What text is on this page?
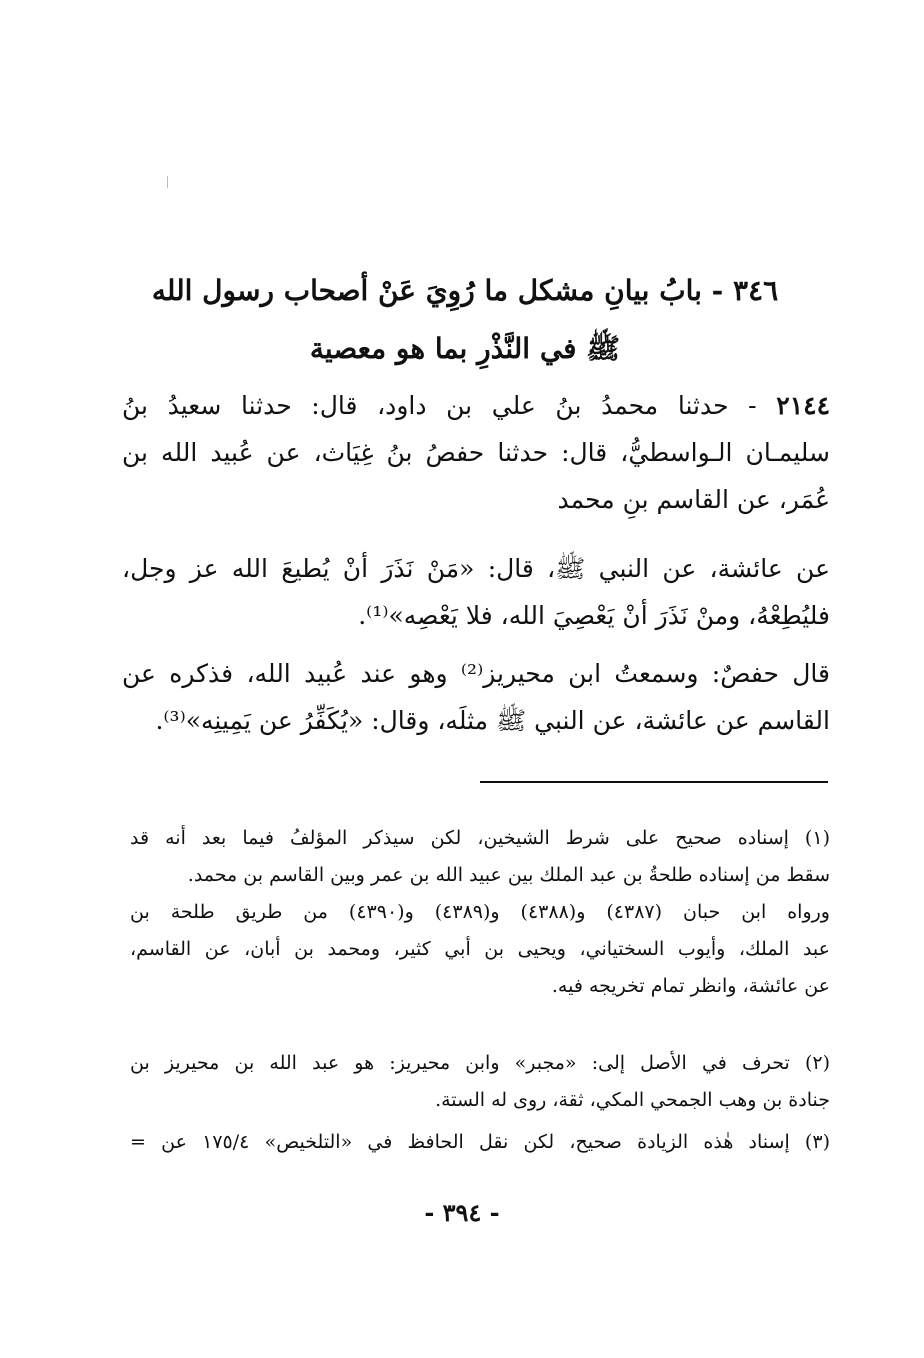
٣٤٦ - بابُ بيانِ مشكل ما رُوِيَ عَنْ أصحاب رسول الله
ﷺ في النَّذْرِ بما هو معصية
٢١٤٤ - حدثنا محمدُ بنُ علي بن داود، قال: حدثنا سعيدُ بنُ
سليمـان الـواسطيُّ، قال: حدثنا حفصُ بنُ غِيَاث، عن عُبيد الله بن
عُمَر، عن القاسم بنِ محمد
عن عائشة، عن النبي ﷺ، قال: «مَنْ نَذَرَ أنْ يُطيعَ الله عز وجل،
فليُطِعْهُ، ومنْ نَذَرَ أنْ يَعْصِيَ الله، فلا يَعْصِه»⁽¹⁾.
قال حفصٌ: وسمعتُ ابن محيريز⁽²⁾ وهو عند عُبيد الله، فذكره عن
القاسم عن عائشة، عن النبي ﷺ مثلَه، وقال: «يُكَفِّرُ عن يَمِينِه»⁽³⁾.
(١) إسناده صحيح على شرط الشيخين، لكن سيذكر المؤلفُ فيما بعد أنه قد
سقط من إسناده طلحةُ بن عبد الملك بين عبيد الله بن عمر وبين القاسم بن محمد.
ورواه ابن حبان (٤٣٨٧) و(٤٣٨٨) و(٤٣٨٩) و(٤٣٩٠) من طريق طلحة بن
عبد الملك، وأيوب السختياني، ويحيى بن أبي كثير، ومحمد بن أبان، عن القاسم،
عن عائشة، وانظر تمام تخريجه فيه.
(٢) تحرف في الأصل إلى: «مجبر» وابن محيريز: هو عبد الله بن محيريز بن
جنادة بن وهب الجمحي المكي، ثقة، روى له الستة.
(٣) إسناد هٰذه الزيادة صحيح، لكن نقل الحافظ في «التلخيص» ١٧٥/٤ عن =
- ٣٩٤ -
